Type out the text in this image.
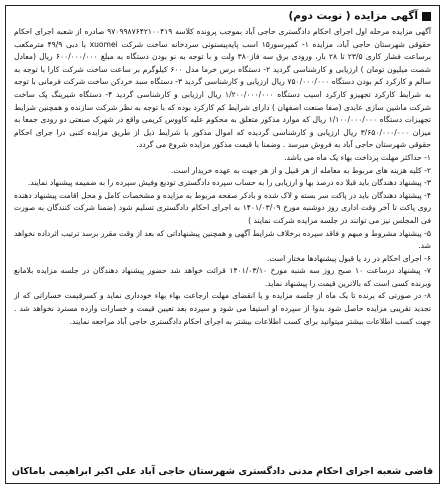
آگهی مزایده ( نوبت دوم)

آگهی مزایده مرحله اول اجرای احکام دادگستری حاجی آباد بموجب پرونده کلاسه ۹۷۰۹۹۸۷۶۴۲۱۰۰۴۱۹ صادره از شعبه اجرای احکام حقوقی شهرستان حاجی آباد، مزایده ۱- کمپرسور۱۵ اسب پایه‌پیستونی سرد‌خانه ساخت شرکت xuomei با دبی ۴۹/۹ مترمکعب برساعت فشار کاری ۲۳/۵ تا ۲۸ بار، ورودی برق سه فاز۳۸۰ ولت و با توجه به نو بودن دستگاه به مبلغ ۶۰۰/۰۰۰/۰۰۰ ریال (معادل شصت میلیون تومان ) ارزیابی و کارشناسی گردید ۲- دستگاه برس خرما مدل ۶۰۰ کیلوگرم بر ساعت ساخت شرکت کارا با توجه به سالم و کارکرد کم بودن دستگاه ۷۵۰/۰۰۰/۰۰۰ ریال ارزیابی و کارشناسی گردید ۳- دستگاه سبد خردکن ساخت شرکت فرمانی با توجه به شرایط کارکرد تجهیزو کارکرد اسیب دستگاه ۱/۲۰۰/۰۰۰/۰۰۰ ریال ارزیابی و کارشناسی گردید ۴- دستگاه شیرینگ پک ساخت شرکت ماشین سازی عابدی (صفا صنعت اصفهان ) دارای شرایط کم کارکرد بوده که با توجه به نظر شرکت سازنده و همچنین شرایط تجهیزات دستگاه ۱/۱۰۰/۰۰۰/۰۰۰ ریال که موارد مذکور متعلق به محکوم علیه کاووس کریمی واقع در شهرک صنعتی دو رودی جمعا به میزان ۳/۶۵۰/۰۰۰/۰۰۰ ریال ارزیابی و کارشناسی گردیده که اموال مذکور با شرایط ذیل از طریق مزایده کتبی درا جرای احکام حقوقی شهرستان حاجی آباد به فروش میرسد . وضمنا با قیمت مذکور مزایده شروع می گردد.

۱- حداکثر مهلت پرداخت بهاء یک ماه می باشد.

۲- کلیه هزینه های مربوط به معامله از هر قبیل و از هر جهت به عهده خریدار است.

۳- پیشنهاد دهندگان باید قبلا ده درصد بها و ارزیابی را به حساب سپرده دادگستری تودیع وفیش سپرده را به ضمیمه پیشنهاد نمایند.

۴- پیشنهاد دهندگان باید در پاکت سر بسته و لاک شده و بادکر صفحه مربوط به مزایده و مشخصات کامل و محل اقامت پیشنهاد دهنده روی پاکت تا آخر وقت اداری روز دوشنبه مورخ ۱۴۰۱/۰۳/۰۹ به اجرای احکام دادگستری تسلیم شود (ضمنا شرکت کنندگان به صورت فی المجلس نیز می توانند در جلسه مزایده شرکت نمایند )

۵- پیشنهاد مشروط و مبهم و فاقد سپرده برخلاف شرایط آگهی و همچنین پیشنهاداتی که بعد از وقت مقرر برسد ترتیب اثرداده نخواهد شد.

۶- اجرای احکام در رد یا قبول پیشنهادها مختار است.

۷- پیشنهاد درساعت ۱۰ صبح روز سه شنبه مورخ ۱۴۰۱/۰۳/۱۰ قرائت خواهد شد حضور پیشنهاد دهندگان در جلسه مزایده بلامانع وبرنده کسی است که بالاترین قیمت را پیشنهاد نماید.

۸- در صورتی که برنده تا یک ماه از جلسه مزایده و یا انقضای مهلت ارجاعت بهاء بهاء خودداری نماید و کسرقیمت خساراتی که از تجدید تقریبی مزایده حاصل شود بدوا از سپرده او استیفا می شود و سپرده بعد تعیین قیمت و خسارات وارده مسترد نخواهد شد . جهت کسب اطلاعات بیشتر میتوانید برای کسب اطلاعات بیشتر به اجرای احکام دادگستری حاجی آباد مراجعه نمایند.

قاضی شعبه اجرای احکام مدنی دادگستری شهرستان حاجی آباد علی اکبر ابراهیمی باماکان
